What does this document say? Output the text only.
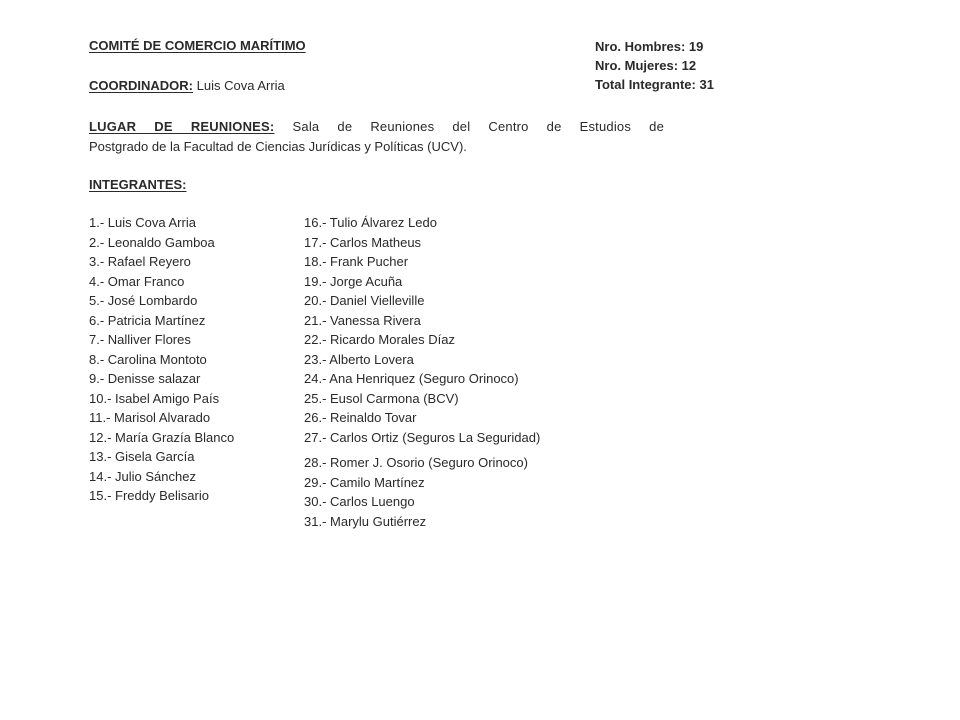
COMITÉ DE COMERCIO MARÍTIMO
COORDINADOR: Luis Cova Arria
Nro. Hombres: 19
Nro. Mujeres: 12
Total Integrante: 31
LUGAR DE REUNIONES: Sala de Reuniones del Centro de Estudios de
Postgrado de la Facultad de Ciencias Jurídicas y Políticas (UCV).
INTEGRANTES:
1.- Luis Cova Arria
2.- Leonaldo Gamboa
3.- Rafael Reyero
4.- Omar Franco
5.- José Lombardo
6.- Patricia Martínez
7.- Nalliver Flores
8.- Carolina Montoto
9.- Denisse salazar
10.- Isabel Amigo País
11.- Marisol Alvarado
12.- María Grazía Blanco
13.- Gisela García
14.- Julio Sánchez
15.- Freddy Belisario
16.- Tulio Álvarez Ledo
17.- Carlos Matheus
18.- Frank Pucher
19.- Jorge Acuña
20.- Daniel Vielleville
21.- Vanessa Rivera
22.- Ricardo Morales Díaz
23.- Alberto Lovera
24.- Ana Henriquez (Seguro Orinoco)
25.- Eusol Carmona (BCV)
26.- Reinaldo Tovar
27.- Carlos Ortiz (Seguros La Seguridad)
28.- Romer J. Osorio (Seguro Orinoco)
29.- Camilo Martínez
30.- Carlos Luengo
31.- Marylu Gutiérrez
